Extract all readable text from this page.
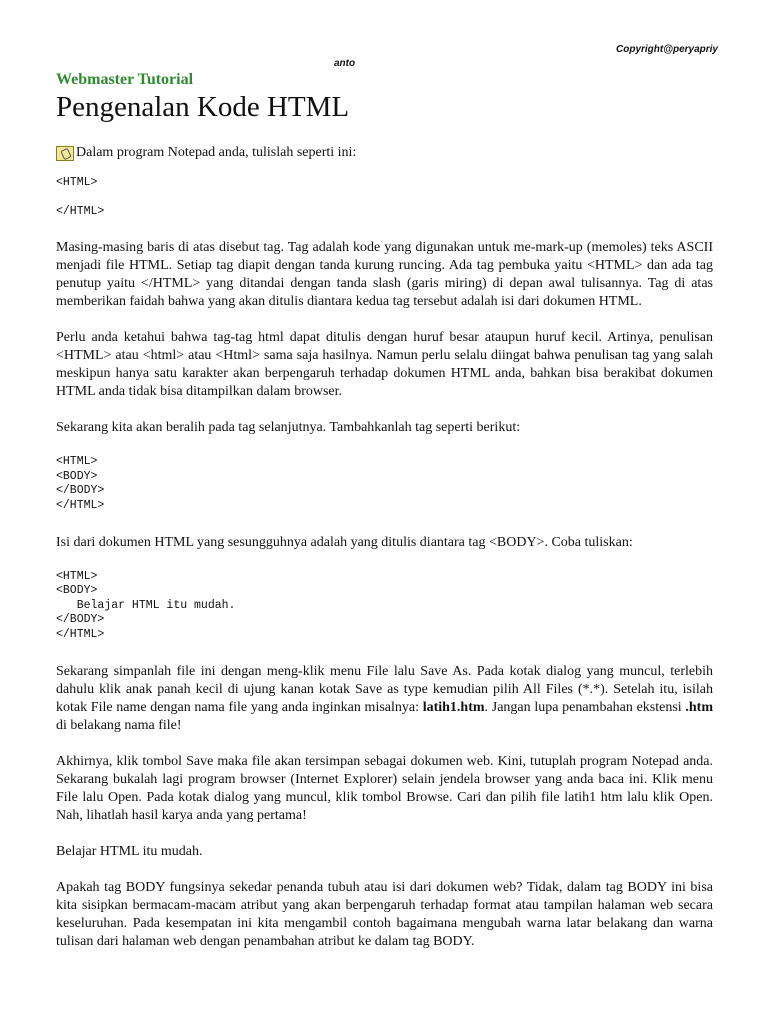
Copyright@peryapriy
anto
Webmaster Tutorial
Pengenalan Kode HTML
Dalam program Notepad anda, tulislah seperti ini:
<HTML>
</HTML>

Masing-masing baris di atas disebut tag. Tag adalah kode yang digunakan untuk me-mark-up (memoles) teks ASCII menjadi file HTML. Setiap tag diapit dengan tanda kurung runcing. Ada tag pembuka yaitu <HTML> dan ada tag penutup yaitu </HTML> yang ditandai dengan tanda slash (garis miring) di depan awal tulisannya. Tag di atas memberikan faidah bahwa yang akan ditulis diantara kedua tag tersebut adalah isi dari dokumen HTML.

Perlu anda ketahui bahwa tag-tag html dapat ditulis dengan huruf besar ataupun huruf kecil. Artinya, penulisan <HTML> atau <html> atau <Html> sama saja hasilnya. Namun perlu selalu diingat bahwa penulisan tag yang salah meskipun hanya satu karakter akan berpengaruh terhadap dokumen HTML anda, bahkan bisa berakibat dokumen HTML anda tidak bisa ditampilkan dalam browser.

Sekarang kita akan beralih pada tag selanjutnya. Tambahkanlah tag seperti berikut:

<HTML>
<BODY>
</BODY>
</HTML>

Isi dari dokumen HTML yang sesungguhnya adalah yang ditulis diantara tag <BODY>. Coba tuliskan:

<HTML>
<BODY>
Belajar HTML itu mudah.
</BODY>
</HTML>

Sekarang simpanlah file ini dengan meng-klik menu File lalu Save As. Pada kotak dialog yang muncul, terlebih dahulu klik anak panah kecil di ujung kanan kotak Save as type kemudian pilih All Files (*.*). Setelah itu, isilah kotak File name dengan nama file yang anda inginkan misalnya: latih1.htm. Jangan lupa penambahan ekstensi .htm di belakang nama file!

Akhirnya, klik tombol Save maka file akan tersimpan sebagai dokumen web. Kini, tutuplah program Notepad anda. Sekarang bukalah lagi program browser (Internet Explorer) selain jendela browser yang anda baca ini. Klik menu File lalu Open. Pada kotak dialog yang muncul, klik tombol Browse. Cari dan pilih file latih1 htm lalu klik Open. Nah, lihatlah hasil karya anda yang pertama!

Belajar HTML itu mudah.

Apakah tag BODY fungsinya sekedar penanda tubuh atau isi dari dokumen web? Tidak, dalam tag BODY ini bisa kita sisipkan bermacam-macam atribut yang akan berpengaruh terhadap format atau tampilan halaman web secara keseluruhan. Pada kesempatan ini kita mengambil contoh bagaimana mengubah warna latar belakang dan warna tulisan dari halaman web dengan penambahan atribut ke dalam tag BODY.
